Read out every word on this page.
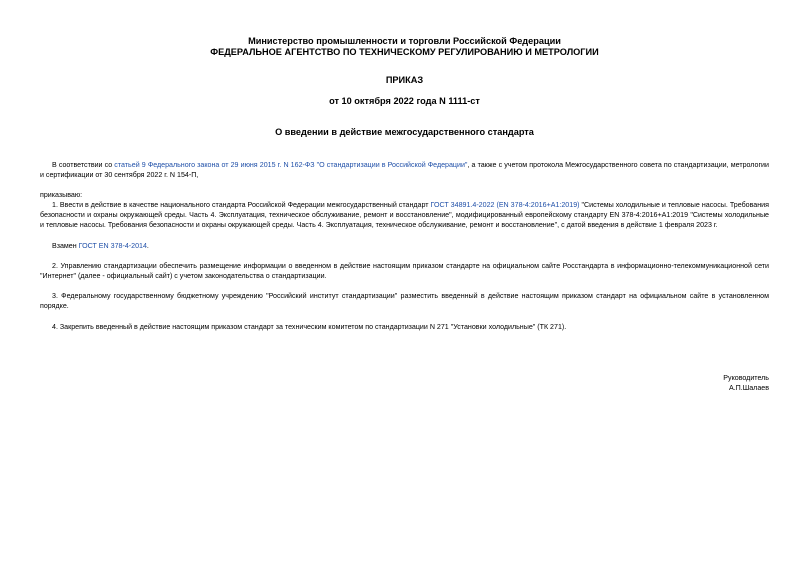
Министерство промышленности и торговли Российской Федерации
ФЕДЕРАЛЬНОЕ АГЕНТСТВО ПО ТЕХНИЧЕСКОМУ РЕГУЛИРОВАНИЮ И МЕТРОЛОГИИ
ПРИКАЗ
от 10 октября 2022 года N 1111-ст
О введении в действие межгосударственного стандарта

В соответствии со статьей 9 Федерального закона от 29 июня 2015 г. N 162-ФЗ "О стандартизации в Российской Федерации", а также с учетом протокола Межгосударственного совета по стандартизации, метрологии и сертификации от 30 сентября 2022 г. N 154-П,

приказываю:

1. Ввести в действие в качестве национального стандарта Российской Федерации межгосударственный стандарт ГОСТ 34891.4-2022 (EN 378-4:2016+A1:2019) "Системы холодильные и тепловые насосы. Требования безопасности и охраны окружающей среды. Часть 4. Эксплуатация, техническое обслуживание, ремонт и восстановление", модифицированный европейскому стандарту EN 378-4:2016+A1:2019 "Системы холодильные и тепловые насосы. Требования безопасности и охраны окружающей среды. Часть 4. Эксплуатация, техническое обслуживание, ремонт и восстановление", с датой введения в действие 1 февраля 2023 г.

Взамен ГОСТ EN 378-4-2014.

2. Управлению стандартизации обеспечить размещение информации о введенном в действие настоящим приказом стандарте на официальном сайте Росстандарта в информационно-телекоммуникационной сети "Интернет" (далее - официальный сайт) с учетом законодательства о стандартизации.

3. Федеральному государственному бюджетному учреждению "Российский институт стандартизации" разместить введенный в действие настоящим приказом стандарт на официальном сайте в установленном порядке.

4. Закрепить введенный в действие настоящим приказом стандарт за техническим комитетом по стандартизации N 271 "Установки холодильные" (ТК 271).

Руководитель
А.П.Шалаев
